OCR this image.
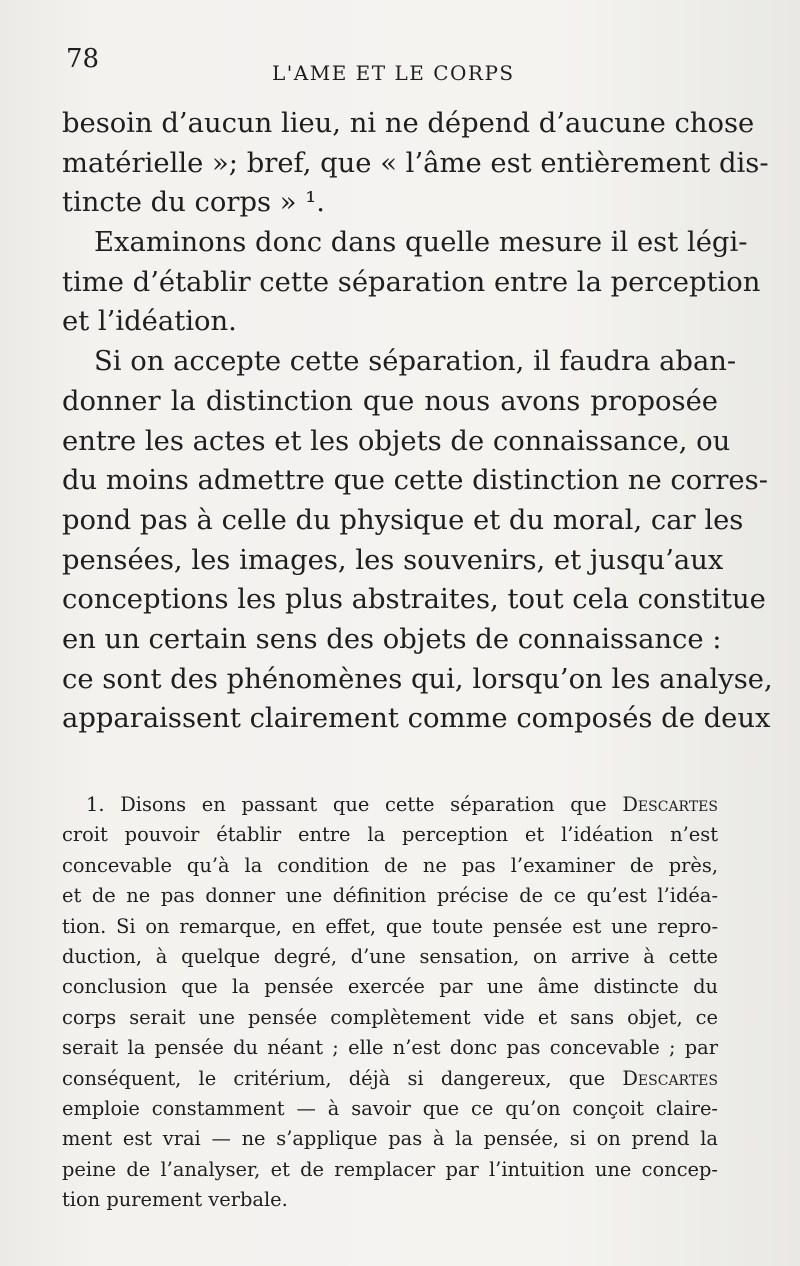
78	L'AME ET LE CORPS
besoin d’aucun lieu, ni ne dépend d’aucune chose
matérielle »; bref, que « l’âme est entièrement dis-
tincte du corps » ¹.
Examinons donc dans quelle mesure il est légi-
time d’établir cette séparation entre la perception
et l’idéation.
Si on accepte cette séparation, il faudra aban-
donner la distinction que nous avons proposée
entre les actes et les objets de connaissance, ou
du moins admettre que cette distinction ne corres-
pond pas à celle du physique et du moral, car les
pensées, les images, les souvenirs, et jusqu’aux
conceptions les plus abstraites, tout cela constitue
en un certain sens des objets de connaissance :
ce sont des phénomènes qui, lorsqu’on les analyse,
apparaissent clairement comme composés de deux
1. Disons en passant que cette séparation que Descartes
croit pouvoir établir entre la perception et l’idéation n’est
concevable qu’à la condition de ne pas l’examiner de près,
et de ne pas donner une définition précise de ce qu’est l’idéa-
tion. Si on remarque, en effet, que toute pensée est une repro-
duction, à quelque degré, d’une sensation, on arrive à cette
conclusion que la pensée exercée par une âme distincte du
corps serait une pensée complètement vide et sans objet, ce
serait la pensée du néant ; elle n’est donc pas concevable ; par
conséquent, le critérium, déjà si dangereux, que Descartes
emploie constamment — à savoir que ce qu’on conçoit claire-
ment est vrai — ne s’applique pas à la pensée, si on prend la
peine de l’analyser, et de remplacer par l’intuition une concep-
tion purement verbale.
